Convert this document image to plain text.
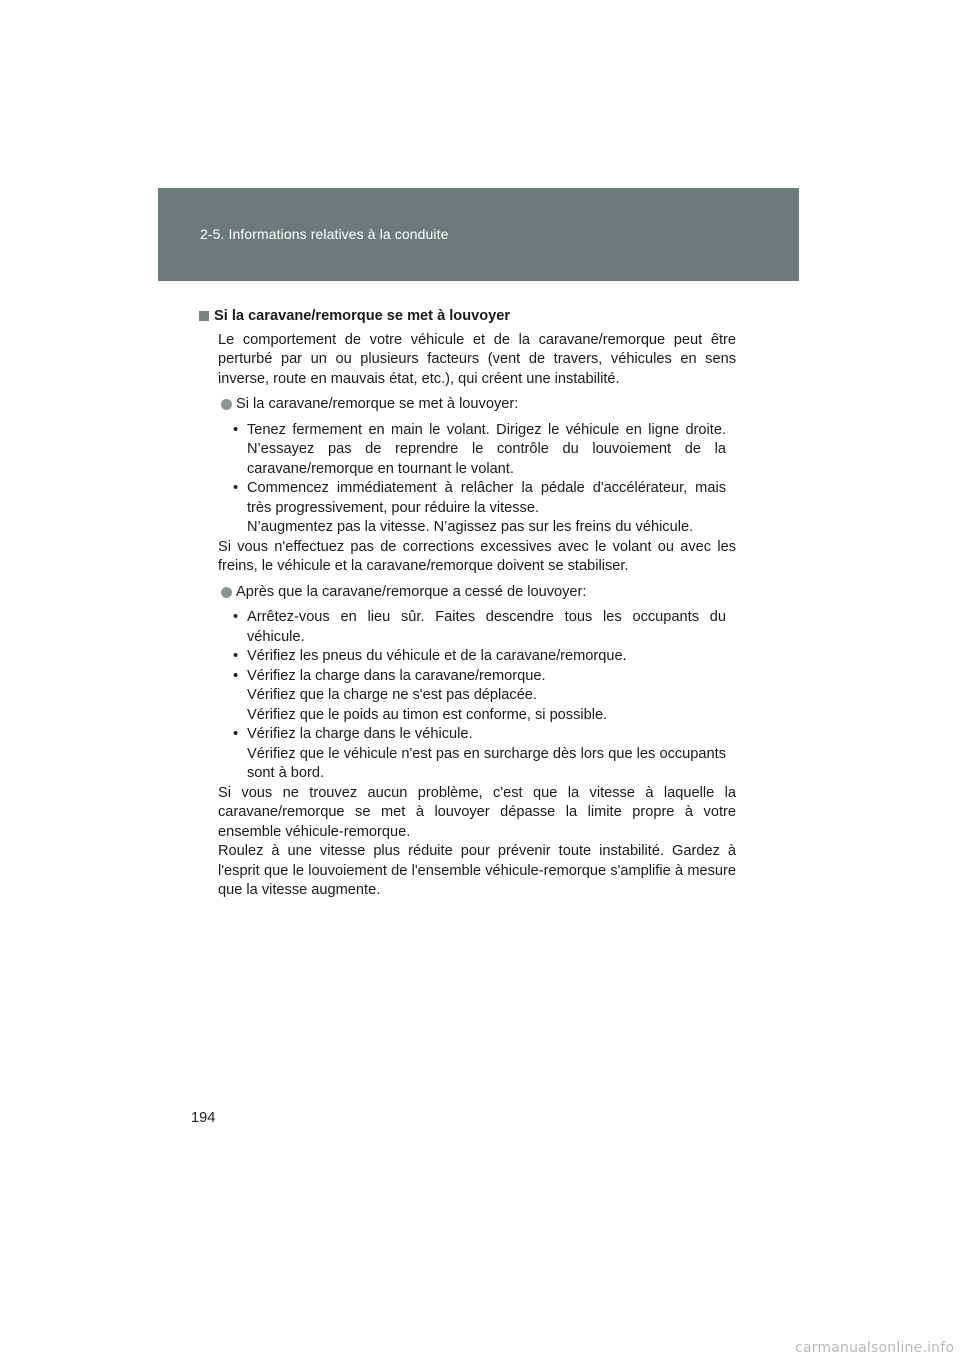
2-5. Informations relatives à la conduite
Si la caravane/remorque se met à louvoyer

Le comportement de votre véhicule et de la caravane/remorque peut être perturbé par un ou plusieurs facteurs (vent de travers, véhicules en sens inverse, route en mauvais état, etc.), qui créent une instabilité.

Si la caravane/remorque se met à louvoyer:
• Tenez fermement en main le volant. Dirigez le véhicule en ligne droite. N’essayez pas de reprendre le contrôle du louvoiement de la caravane/remorque en tournant le volant.
• Commencez immédiatement à relâcher la pédale d'accélérateur, mais très progressivement, pour réduire la vitesse.
N’augmentez pas la vitesse. N’agissez pas sur les freins du véhicule.

Si vous n'effectuez pas de corrections excessives avec le volant ou avec les freins, le véhicule et la caravane/remorque doivent se stabiliser.

Après que la caravane/remorque a cessé de louvoyer:
• Arrêtez-vous en lieu sûr. Faites descendre tous les occupants du véhicule.
• Vérifiez les pneus du véhicule et de la caravane/remorque.
• Vérifiez la charge dans la caravane/remorque.
Vérifiez que la charge ne s'est pas déplacée.
Vérifiez que le poids au timon est conforme, si possible.
• Vérifiez la charge dans le véhicule.
Vérifiez que le véhicule n'est pas en surcharge dès lors que les occupants sont à bord.

Si vous ne trouvez aucun problème, c'est que la vitesse à laquelle la caravane/remorque se met à louvoyer dépasse la limite propre à votre ensemble véhicule-remorque.

Roulez à une vitesse plus réduite pour prévenir toute instabilité. Gardez à l'esprit que le louvoiement de l'ensemble véhicule-remorque s'amplifie à mesure que la vitesse augmente.

194
carmanualsonline.info
